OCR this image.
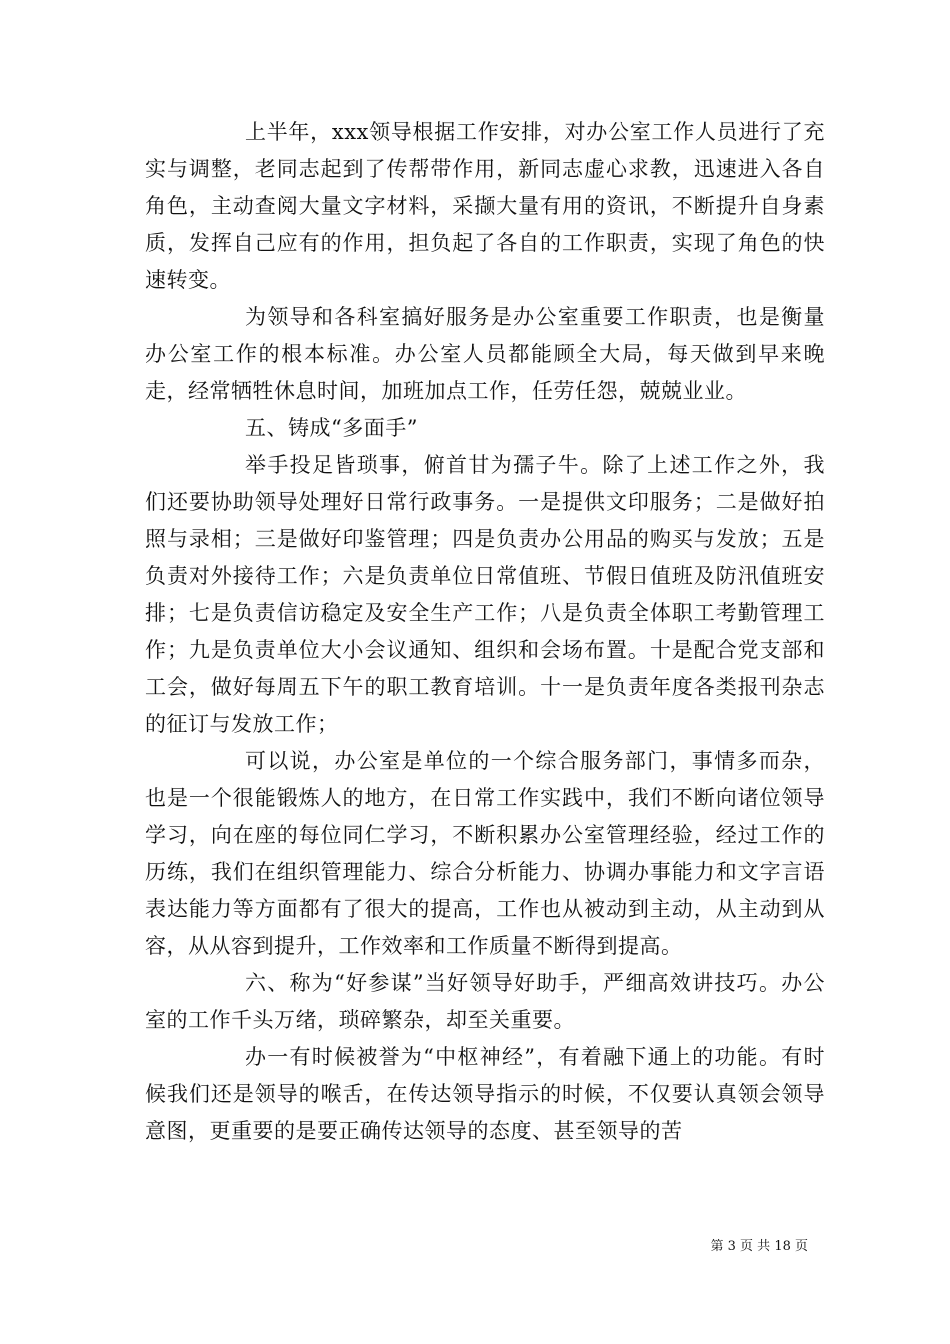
上半年，xxx领导根据工作安排，对办公室工作人员进行了充实与调整，老同志起到了传帮带作用，新同志虚心求教，迅速进入各自角色，主动查阅大量文字材料，采撷大量有用的资讯，不断提升自身素质，发挥自己应有的作用，担负起了各自的工作职责，实现了角色的快速转变。

为领导和各科室搞好服务是办公室重要工作职责，也是衡量办公室工作的根本标准。办公室人员都能顾全大局，每天做到早来晚走，经常牺牲休息时间，加班加点工作，任劳任怨，兢兢业业。

五、铸成“多面手”

举手投足皆琐事，俯首甘为孺子牛。除了上述工作之外，我们还要协助领导处理好日常行政事务。一是提供文印服务；二是做好拍照与录相；三是做好印鉴管理；四是负责办公用品的购买与发放；五是负责对外接待工作；六是负责单位日常值班、节假日值班及防汛值班安排；七是负责信访稳定及安全生产工作；八是负责全体职工考勤管理工作；九是负责单位大小会议通知、组织和会场布置。十是配合党支部和工会，做好每周五下午的职工教育培训。十一是负责年度各类报刊杂志的征订与发放工作；

可以说，办公室是单位的一个综合服务部门，事情多而杂，也是一个很能锻炼人的地方，在日常工作实践中，我们不断向诸位领导学习，向在座的每位同仁学习，不断积累办公室管理经验，经过工作的历练，我们在组织管理能力、综合分析能力、协调办事能力和文字言语表达能力等方面都有了很大的提高，工作也从被动到主动，从主动到从容，从从容到提升，工作效率和工作质量不断得到提高。

六、称为“好参谋”当好领导好助手，严细高效讲技巧。办公室的工作千头万绪，琐碎繁杂，却至关重要。

办一有时候被誉为“中枢神经”，有着融下通上的功能。有时候我们还是领导的喉舌，在传达领导指示的时候，不仅要认真领会领导意图，更重要的是要正确传达领导的态度、甚至领导的苦

第 3 页 共 18 页
